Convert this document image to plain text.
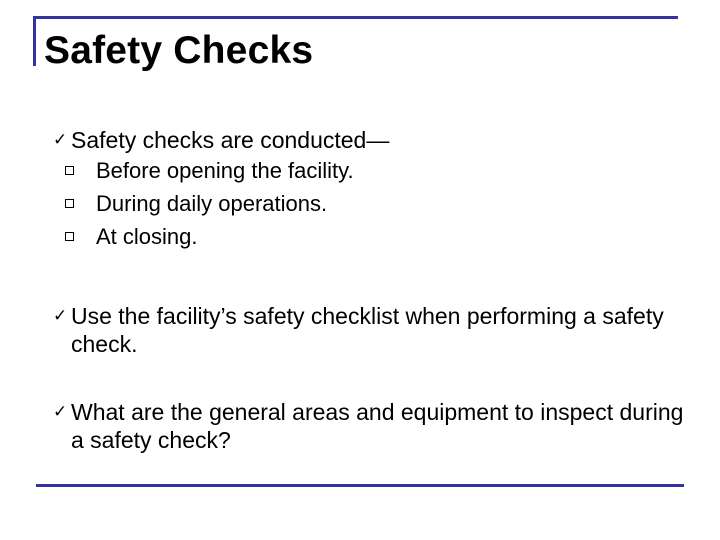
Safety Checks
✓ Safety checks are conducted—
Before opening the facility.
During daily operations.
At closing.
✓ Use the facility’s safety checklist when performing a safety check.
✓ What are the general areas and equipment to inspect during a safety check?
